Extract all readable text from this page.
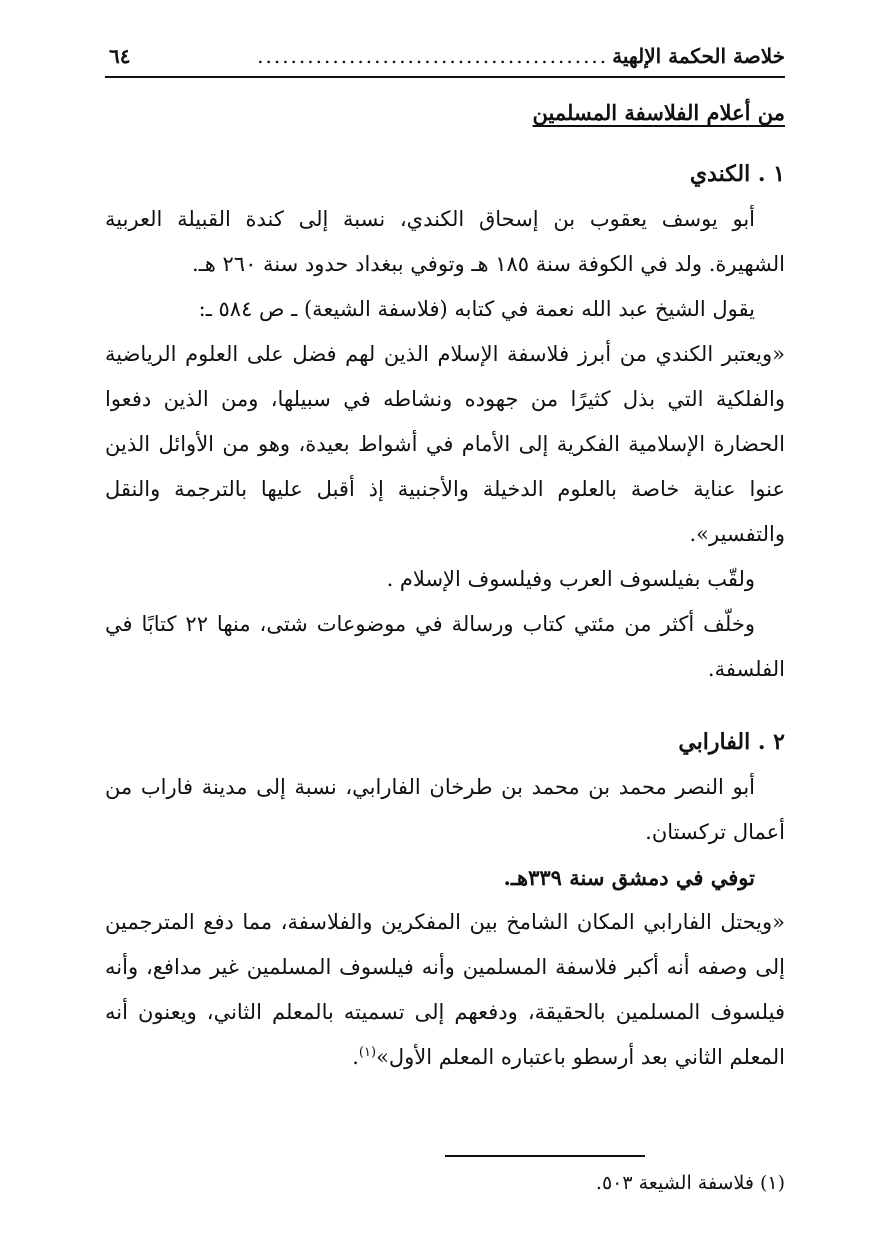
خلاصة الحكمة الإلهية
..........................................
٦٤
من أعلام الفلاسفة المسلمين

١ . الكندي

أبو يوسف يعقوب بن إسحاق الكندي، نسبة إلى كندة القبيلة العربية الشهيرة. ولد في الكوفة سنة ١٨٥ هـ وتوفي ببغداد حدود سنة ٢٦٠ هـ.

يقول الشيخ عبد الله نعمة في كتابه (فلاسفة الشيعة) ـ ص ٥٨٤ ـ:

«ويعتبر الكندي من أبرز فلاسفة الإسلام الذين لهم فضل على العلوم الرياضية والفلكية التي بذل كثيرًا من جهوده ونشاطه في سبيلها، ومن الذين دفعوا الحضارة الإسلامية الفكرية إلى الأمام في أشواط بعيدة، وهو من الأوائل الذين عنوا عناية خاصة بالعلوم الدخيلة والأجنبية إذ أقبل عليها بالترجمة والنقل والتفسير».

ولقّب بفيلسوف العرب وفيلسوف الإسلام .

وخلّف أكثر من مئتي كتاب ورسالة في موضوعات شتى، منها ٢٢ كتابًا في الفلسفة.

٢ . الفارابي

أبو النصر محمد بن محمد بن طرخان الفارابي، نسبة إلى مدينة فاراب من أعمال تركستان.

توفي في دمشق سنة ٣٣٩هـ.

«ويحتل الفارابي المكان الشامخ بين المفكرين والفلاسفة، مما دفع المترجمين إلى وصفه أنه أكبر فلاسفة المسلمين وأنه فيلسوف المسلمين غير مدافع، وأنه فيلسوف المسلمين بالحقيقة، ودفعهم إلى تسميته بالمعلم الثاني، ويعنون أنه المعلم الثاني بعد أرسطو باعتباره المعلم الأول»$^{(١)}$.

(١) فلاسفة الشيعة ٥٠٣.
